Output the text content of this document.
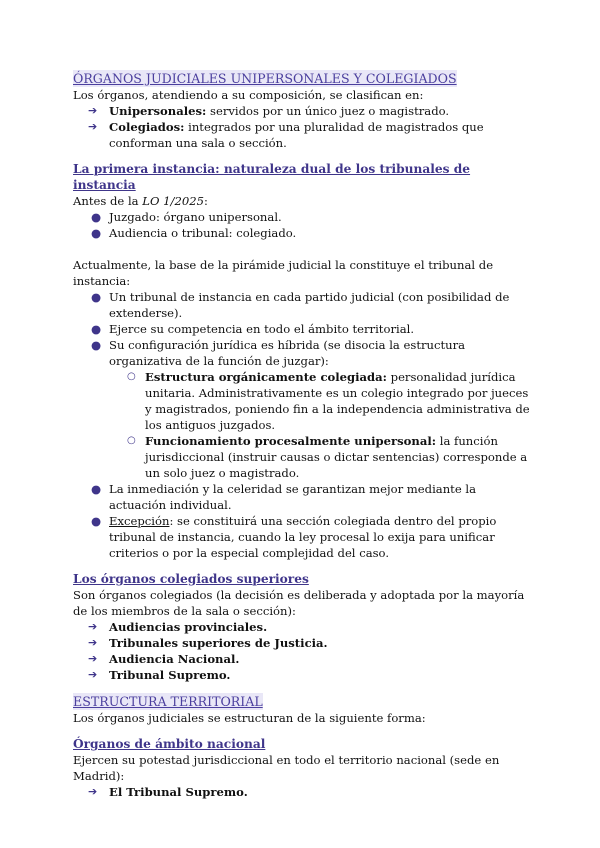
ÓRGANOS JUDICIALES UNIPERSONALES Y COLEGIADOS

Los órganos, atendiendo a su composición, se clasifican en:

➔ Unipersonales: servidos por un único juez o magistrado.
➔ Colegiados: integrados por una pluralidad de magistrados que conforman una sala o sección.
La primera instancia: naturaleza dual de los tribunales de instancia

Antes de la LO 1/2025:

● Juzgado: órgano unipersonal.
● Audiencia o tribunal: colegiado.

Actualmente, la base de la pirámide judicial la constituye el tribunal de instancia:

● Un tribunal de instancia en cada partido judicial (con posibilidad de extenderse).
● Ejerce su competencia en todo el ámbito territorial.
● Su configuración jurídica es híbrida (se disocia la estructura organizativa de la función de juzgar):
○ Estructura orgánicamente colegiada: personalidad jurídica unitaria. Administrativamente es un colegio integrado por jueces y magistrados, poniendo fin a la independencia administrativa de los antiguos juzgados.
○ Funcionamiento procesalmente unipersonal: la función jurisdiccional (instruir causas o dictar sentencias) corresponde a un solo juez o magistrado.
● La inmediación y la celeridad se garantizan mejor mediante la actuación individual.
● Excepción: se constituirá una sección colegiada dentro del propio tribunal de instancia, cuando la ley procesal lo exija para unificar criterios o por la especial complejidad del caso.
Los órganos colegiados superiores

Son órganos colegiados (la decisión es deliberada y adoptada por la mayoría de los miembros de la sala o sección):

➔ Audiencias provinciales.
➔ Tribunales superiores de Justicia.
➔ Audiencia Nacional.
➔ Tribunal Supremo.
ESTRUCTURA TERRITORIAL

Los órganos judiciales se estructuran de la siguiente forma:

Órganos de ámbito nacional

Ejercen su potestad jurisdiccional en todo el territorio nacional (sede en Madrid):

➔ El Tribunal Supremo.
